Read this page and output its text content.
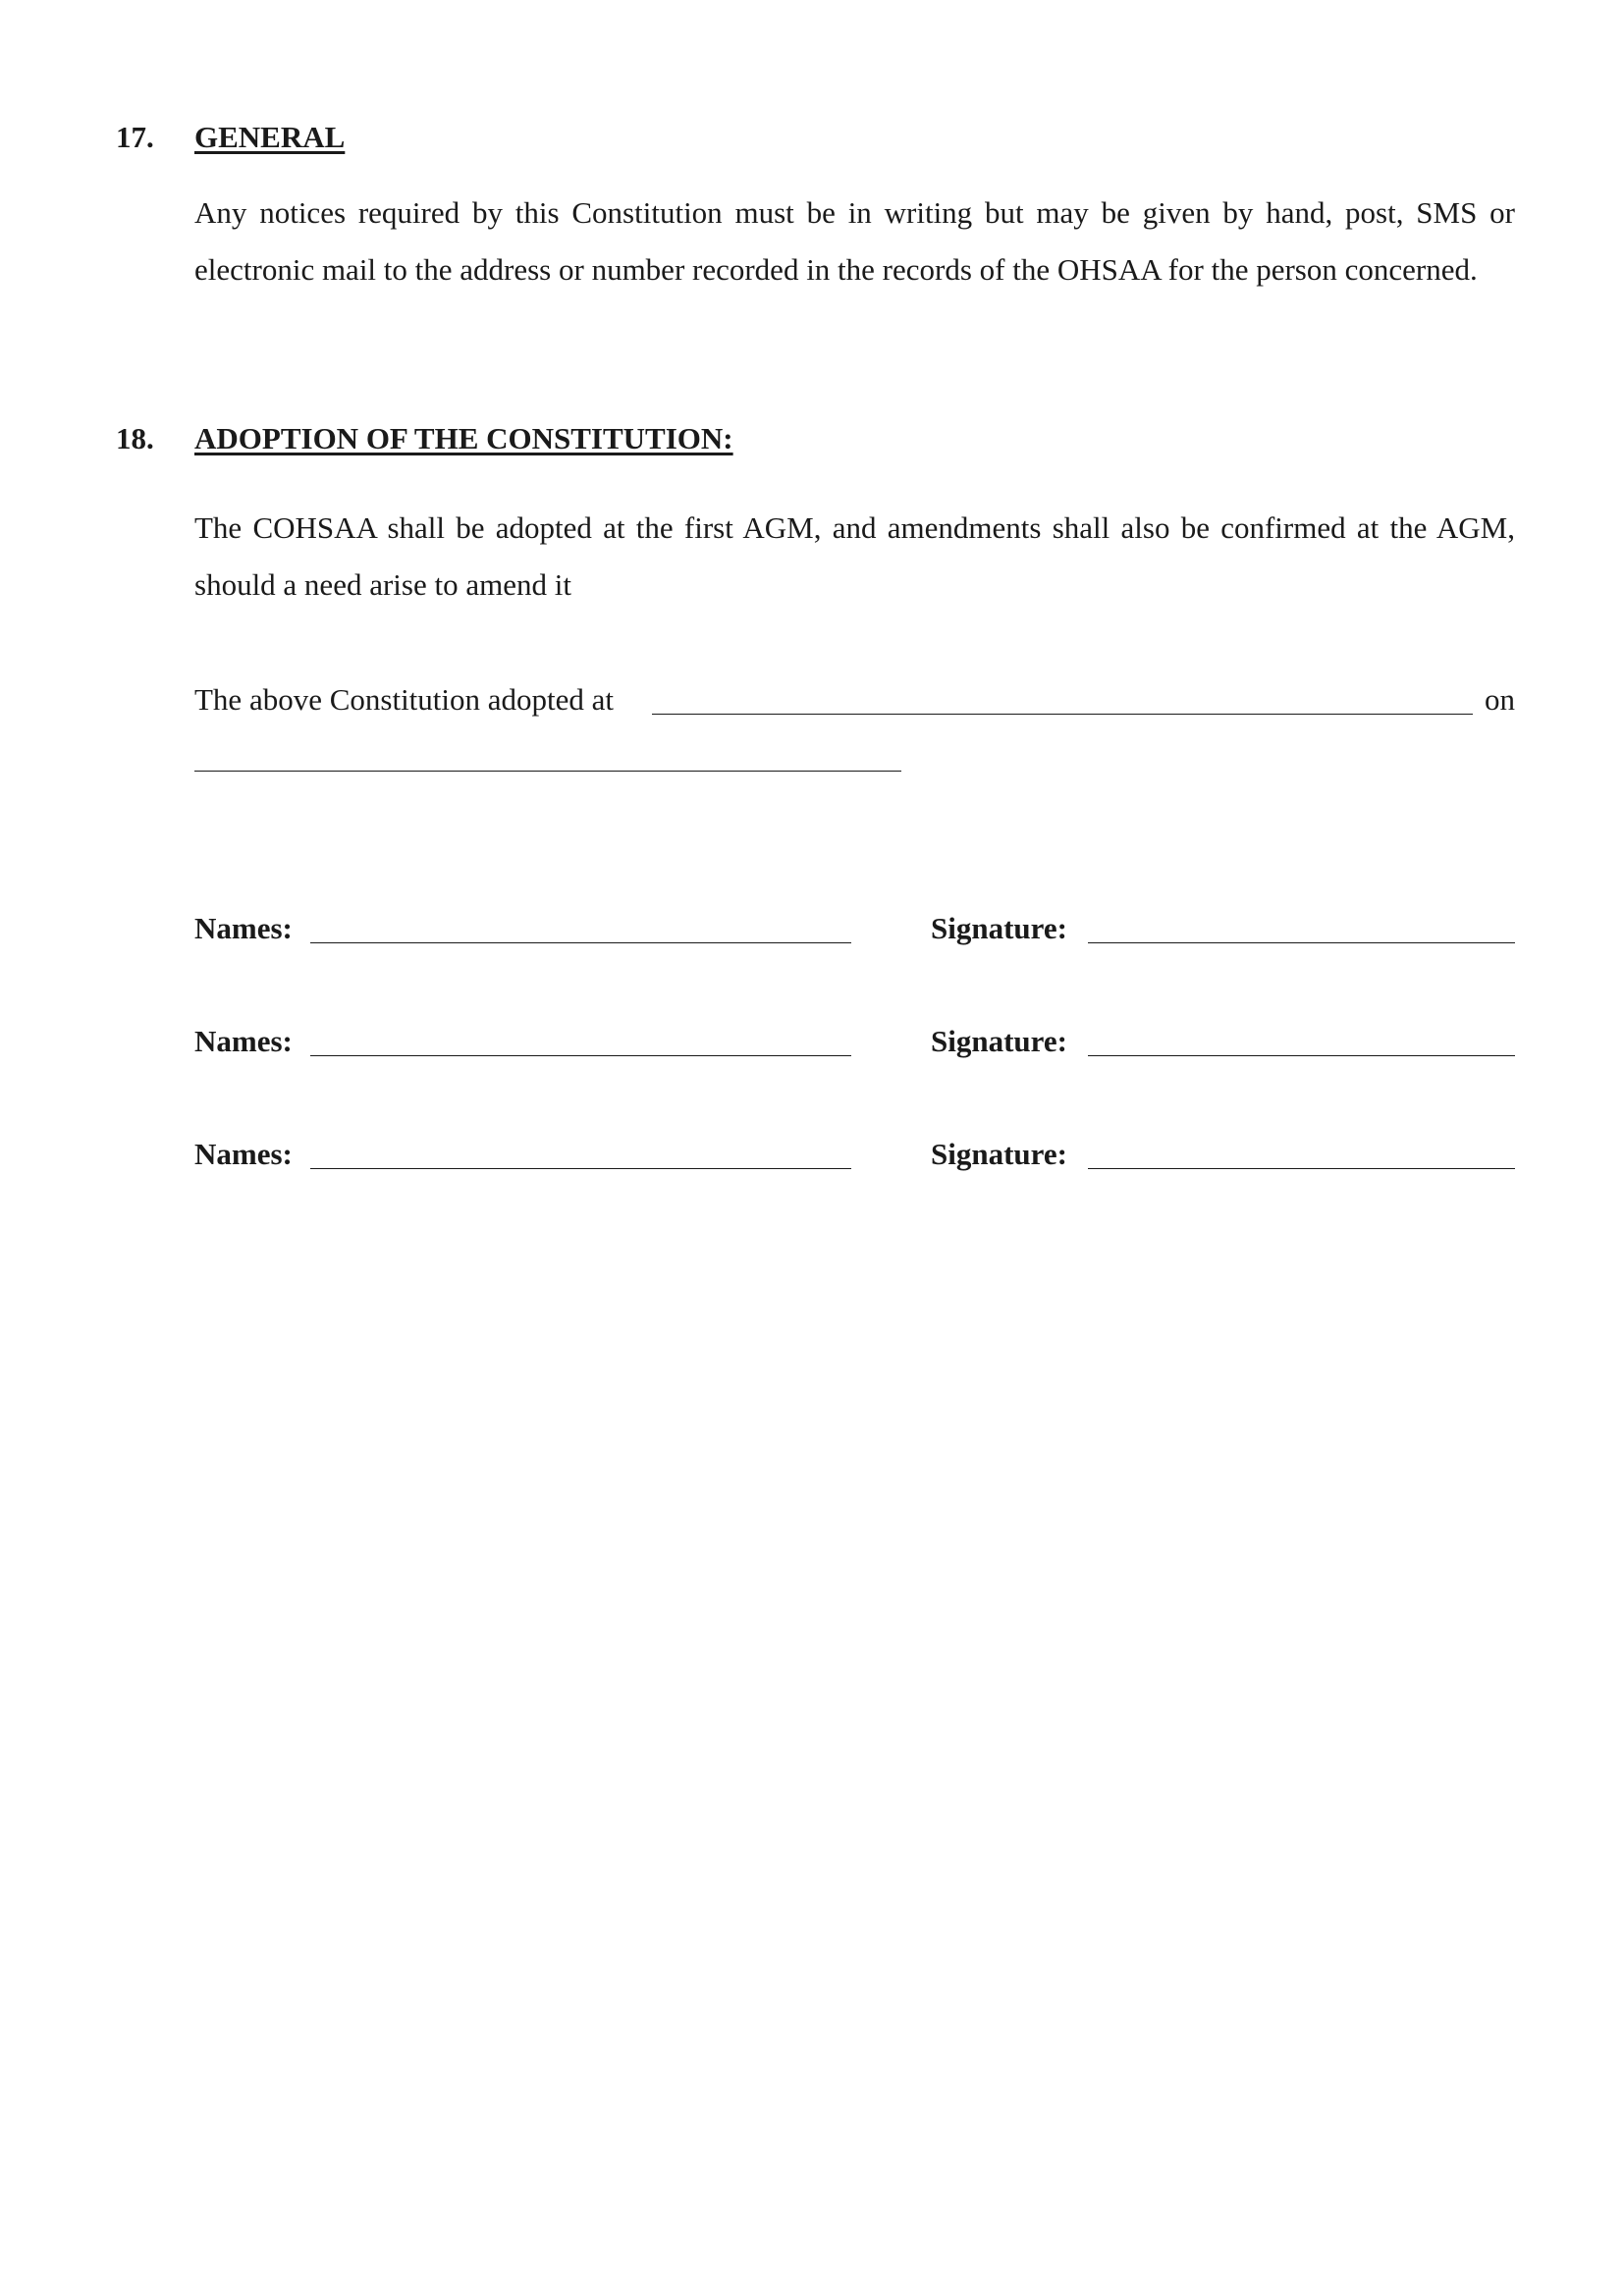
17. GENERAL
Any notices required by this Constitution must be in writing but may be given by hand, post, SMS or electronic mail to the address or number recorded in the records of the OHSAA for the person concerned.
18. ADOPTION OF THE CONSTITUTION:
The COHSAA shall be adopted at the first AGM, and amendments shall also be confirmed at the AGM, should a need arise to amend it
The above Constitution adopted at	on
Names:	Signature:
Names:	Signature:
Names:	Signature:
